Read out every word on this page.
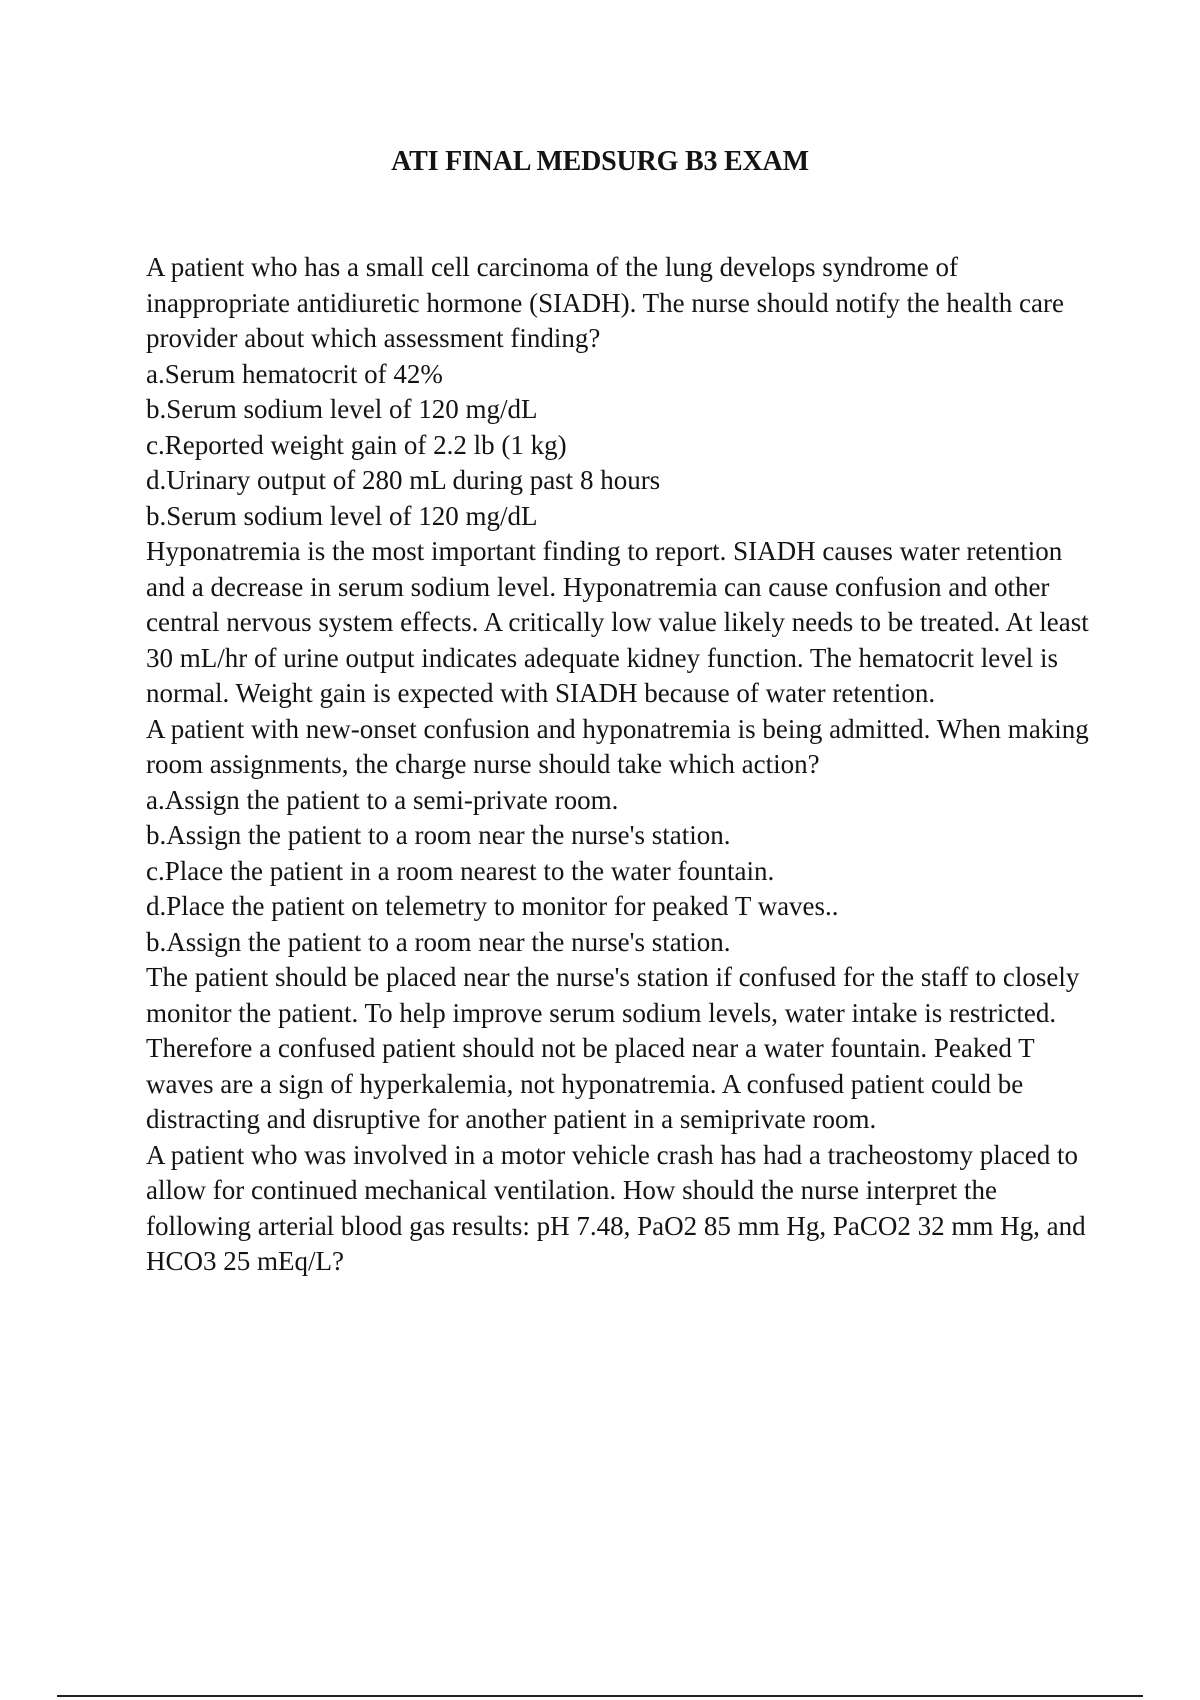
ATI FINAL MEDSURG B3 EXAM

A patient who has a small cell carcinoma of the lung develops syndrome of inappropriate antidiuretic hormone (SIADH). The nurse should notify the health care provider about which assessment finding?

a.Serum hematocrit of 42%
b.Serum sodium level of 120 mg/dL
c.Reported weight gain of 2.2 lb (1 kg)
d.Urinary output of 280 mL during past 8 hours

b.Serum sodium level of 120 mg/dL

Hyponatremia is the most important finding to report. SIADH causes water retention and a decrease in serum sodium level. Hyponatremia can cause confusion and other central nervous system effects. A critically low value likely needs to be treated. At least 30 mL/hr of urine output indicates adequate kidney function. The hematocrit level is normal. Weight gain is expected with SIADH because of water retention.

A patient with new-onset confusion and hyponatremia is being admitted. When making room assignments, the charge nurse should take which action?

a.Assign the patient to a semi-private room.
b.Assign the patient to a room near the nurse's station.
c.Place the patient in a room nearest to the water fountain.
d.Place the patient on telemetry to monitor for peaked T waves..

b.Assign the patient to a room near the nurse's station.

The patient should be placed near the nurse's station if confused for the staff to closely monitor the patient. To help improve serum sodium levels, water intake is restricted. Therefore a confused patient should not be placed near a water fountain. Peaked T waves are a sign of hyperkalemia, not hyponatremia. A confused patient could be distracting and disruptive for another patient in a semiprivate room.

A patient who was involved in a motor vehicle crash has had a tracheostomy placed to allow for continued mechanical ventilation. How should the nurse interpret the following arterial blood gas results: pH 7.48, PaO2 85 mm Hg, PaCO2 32 mm Hg, and HCO3 25 mEq/L?
